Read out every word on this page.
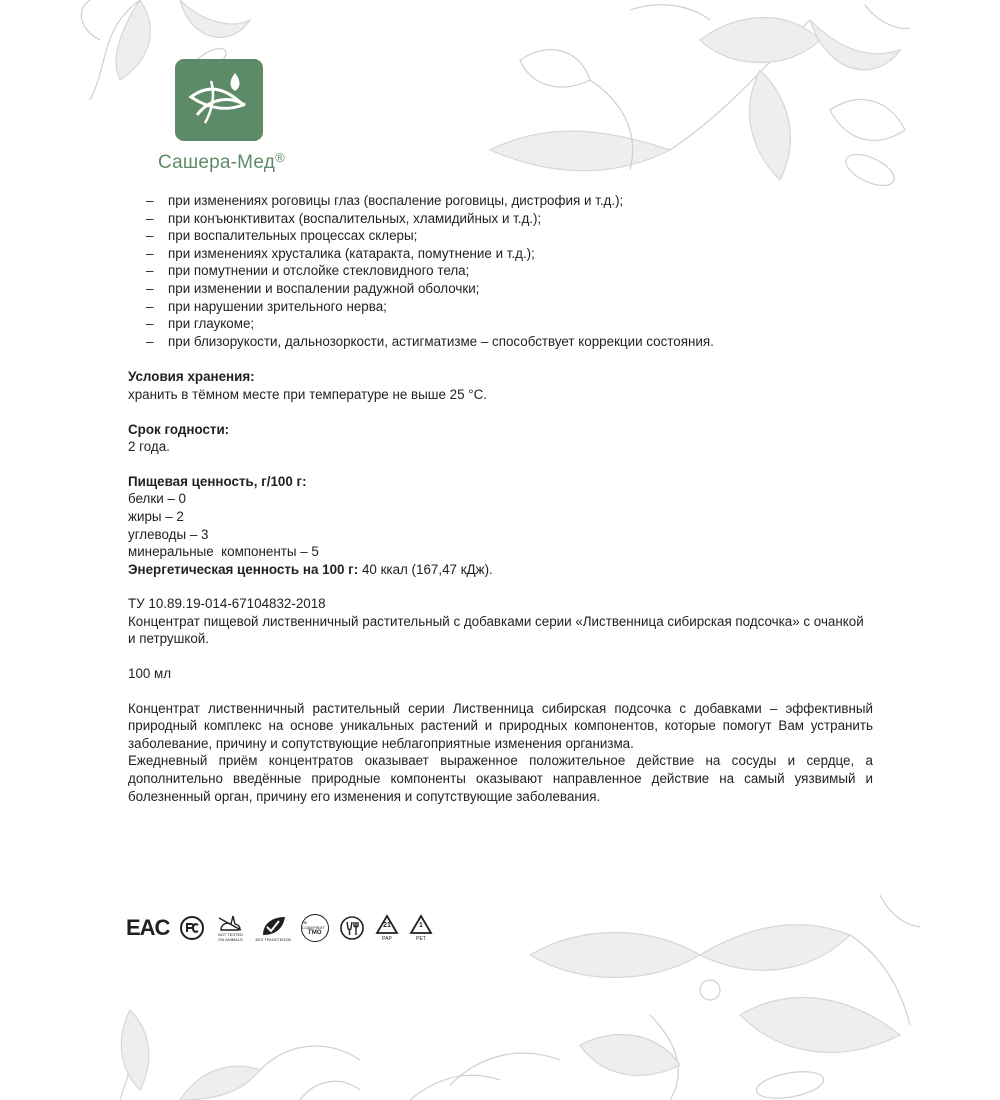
Сашера-Мед®
– при изменениях роговицы глаз (воспаление роговицы, дистрофия и т.д.);
– при конъюнктивитах (воспалительных, хламидийных и т.д.);
– при воспалительных процессах склеры;
– при изменениях хрусталика (катаракта, помутнение и т.д.);
– при помутнении и отслойке стекловидного тела;
– при изменении и воспалении радужной оболочки;
– при нарушении зрительного нерва;
– при глаукоме;
– при близорукости, дальнозоркости, астигматизме – способствует коррекции состояния.
Условия хранения:
хранить в тёмном месте при температуре не выше 25 °С.
Срок годности:
2 года.
Пищевая ценность, г/100 г:
белки – 0
жиры – 2
углеводы – 3
минеральные  компоненты – 5
Энергетическая ценность на 100 г: 40 ккал (167,47 кДж).
ТУ 10.89.19-014-67104832-2018
Концентрат пищевой лиственничный растительный с добавками серии «Лиственница сибирская подсочка» с очанкой и петрушкой.
100 мл
Концентрат лиственничный растительный серии Лиственница сибирская подсочка с добавками – эффективный природный комплекс на основе уникальных растений и природных компонентов, которые помогут Вам устранить заболевание, причину и сопутствующие неблагоприятные изменения организма.
Ежедневный приём концентратов оказывает выраженное положительное действие на сосуды и сердце, а дополнительно введённые природные компоненты оказывают направленное действие на самый уязвимый и болезненный орган, причину его изменения и сопутствующие заболевания.
EAC	NOT TESTED ON ANIMALS	БЕЗ ТРАНСГЕНОВ
НЕ СОДЕРЖИТ
ГМО
21
PAP
1
PET
